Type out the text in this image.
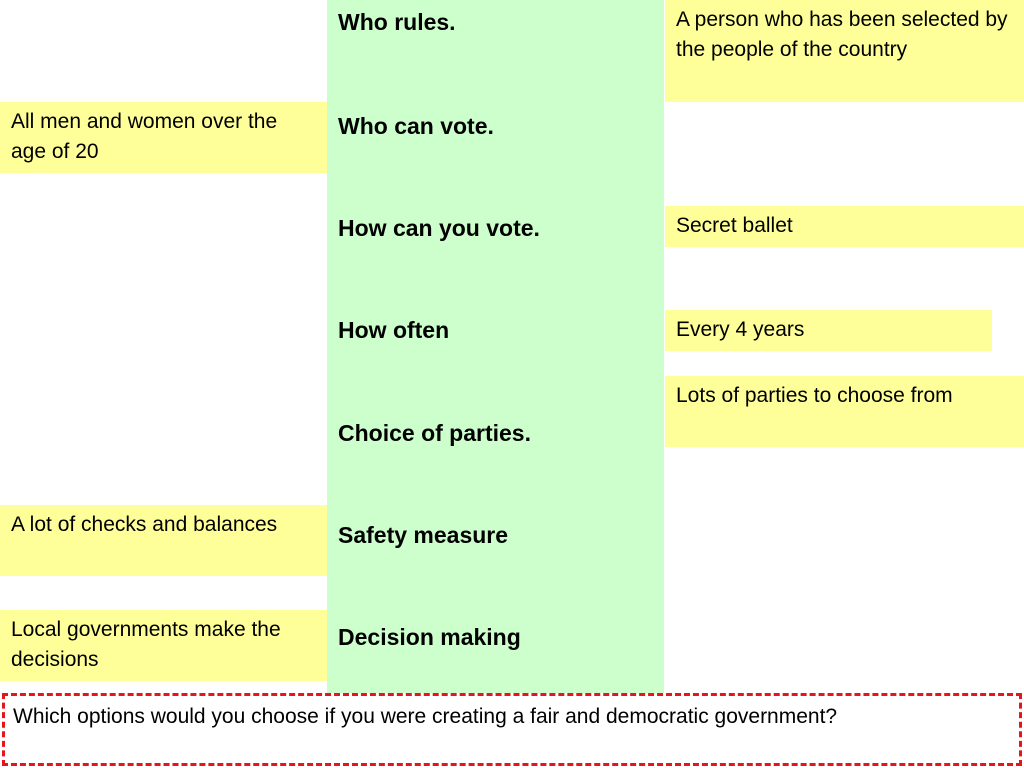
Who rules.
Who can vote.
How can you vote.
How often
Choice of parties.
Safety measure
Decision making
All men and women over the age of 20
A lot of checks and balances
Local governments make the decisions
A person who has been selected by the people of the country
Secret ballet
Every 4 years
Lots of parties to choose from
Which options would you choose if you were creating a fair and democratic government?
